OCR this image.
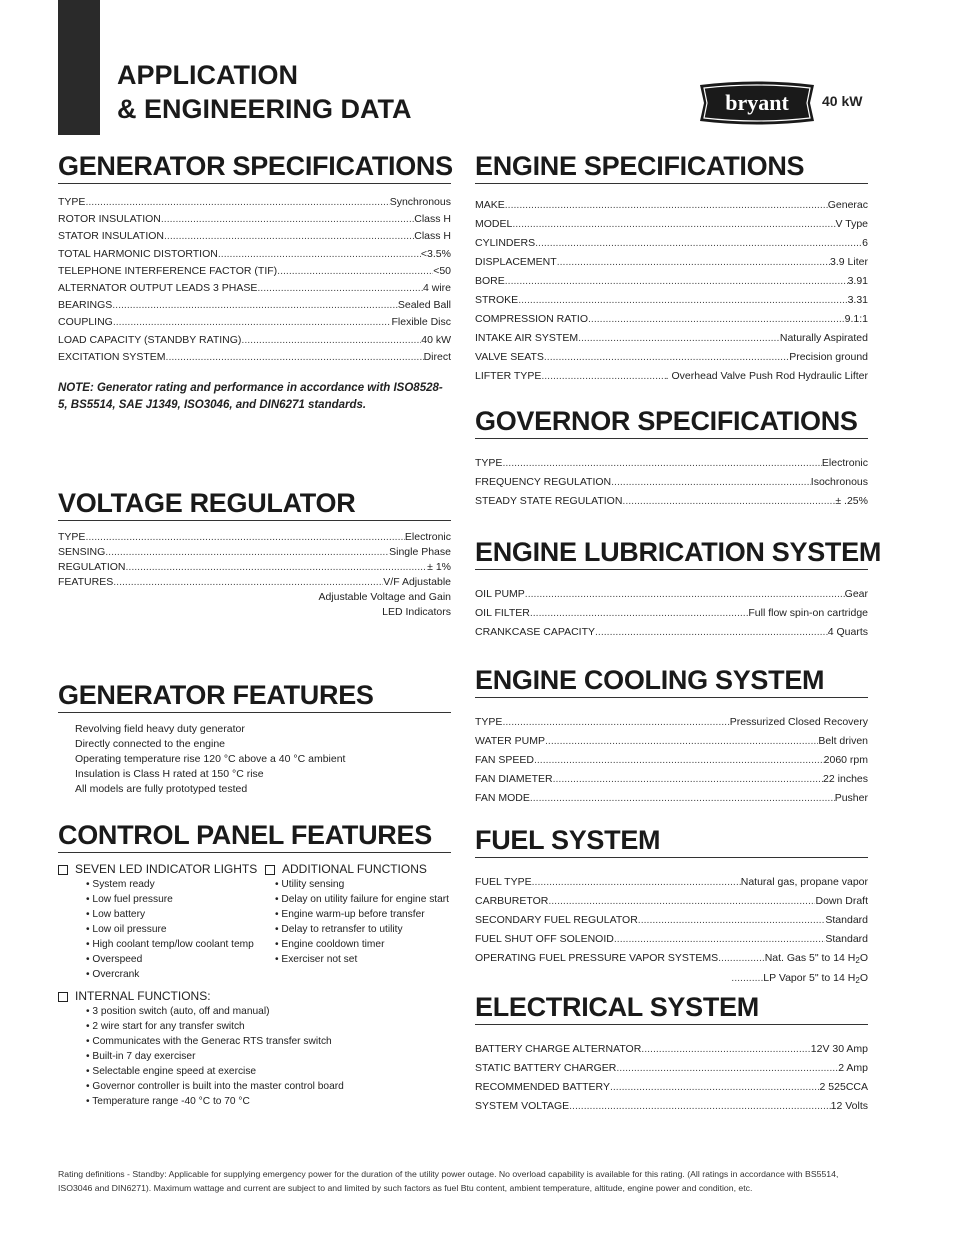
APPLICATION
& ENGINEERING DATA	bryant 40 kW
GENERATOR SPECIFICATIONS
TYPE .....	Synchronous
ROTOR INSULATION .....	Class H
STATOR INSULATION .....	Class H
TOTAL HARMONIC DISTORTION .....	<3.5%
TELEPHONE INTERFERENCE FACTOR (TIF) .....	<50
ALTERNATOR OUTPUT LEADS 3 PHASE .....	4 wire
BEARINGS .....	Sealed Ball
COUPLING .....	Flexible Disc
LOAD CAPACITY (STANDBY RATING) .....	40 kW
EXCITATION SYSTEM .....	Direct
NOTE: Generator rating and performance in accordance with ISO8528-5, BS5514, SAE J1349, ISO3046, and DIN6271 standards.
VOLTAGE REGULATOR
TYPE .....	Electronic
SENSING .....	Single Phase
REGULATION .....	± 1%
FEATURES .....	V/F Adjustable
Adjustable Voltage and Gain
LED Indicators
GENERATOR FEATURES
Revolving field heavy duty generator
Directly connected to the engine
Operating temperature rise 120 °C above a 40 °C ambient
Insulation is Class H rated at 150 °C rise
All models are fully prototyped tested
CONTROL PANEL FEATURES
SEVEN LED INDICATOR LIGHTS
• System ready
• Low fuel pressure
• Low battery
• Low oil pressure
• High coolant temp/low coolant temp
• Overspeed
• Overcrank
ADDITIONAL FUNCTIONS
• Utility sensing
• Delay on utility failure for engine start
• Engine warm-up before transfer
• Delay to retransfer to utility
• Engine cooldown timer
• Exerciser not set
INTERNAL FUNCTIONS:
• 3 position switch (auto, off and manual)
• 2 wire start for any transfer switch
• Communicates with the Generac RTS transfer switch
• Built-in 7 day exerciser
• Selectable engine speed at exercise
• Governor controller is built into the master control board
• Temperature range -40 °C to 70 °C
ENGINE SPECIFICATIONS
MAKE .....	Generac
MODEL .....	V Type
CYLINDERS .....	6
DISPLACEMENT .....	3.9 Liter
BORE .....	3.91
STROKE .....	3.31
COMPRESSION RATIO .....	9.1:1
INTAKE AIR SYSTEM .....	Naturally Aspirated
VALVE SEATS .....	Precision ground
LIFTER TYPE .....	. Overhead Valve Push Rod Hydraulic Lifter
GOVERNOR SPECIFICATIONS
TYPE .....	Electronic
FREQUENCY REGULATION .....	Isochronous
STEADY STATE REGULATION .....	± .25%
ENGINE LUBRICATION SYSTEM
OIL PUMP .....	Gear
OIL FILTER .....	Full flow spin-on cartridge
CRANKCASE CAPACITY .....	4 Quarts
ENGINE COOLING SYSTEM
TYPE .....	Pressurized Closed Recovery
WATER PUMP .....	Belt driven
FAN SPEED .....	2060 rpm
FAN DIAMETER .....	22 inches
FAN MODE .....	Pusher
FUEL SYSTEM
FUEL TYPE .....	Natural gas, propane vapor
CARBURETOR .....	Down Draft
SECONDARY FUEL REGULATOR .....	Standard
FUEL SHUT OFF SOLENOID .....	Standard
OPERATING FUEL PRESSURE VAPOR SYSTEMS .....	Nat. Gas 5" to 14 $H_2O$
.....
LP Vapor 5" to 14 $H_2O$
ELECTRICAL SYSTEM
BATTERY CHARGE ALTERNATOR .....	12V 30 Amp
STATIC BATTERY CHARGER .....	2 Amp
RECOMMENDED BATTERY .....	2 525CCA
SYSTEM VOLTAGE .....	12 Volts
Rating definitions - Standby: Applicable for supplying emergency power for the duration of the utility power outage. No overload capability is available for this rating. (All ratings in accordance with BS5514, ISO3046 and DIN6271). Maximum wattage and current are subject to and limited by such factors as fuel Btu content, ambient temperature, altitude, engine power and condition, etc.
